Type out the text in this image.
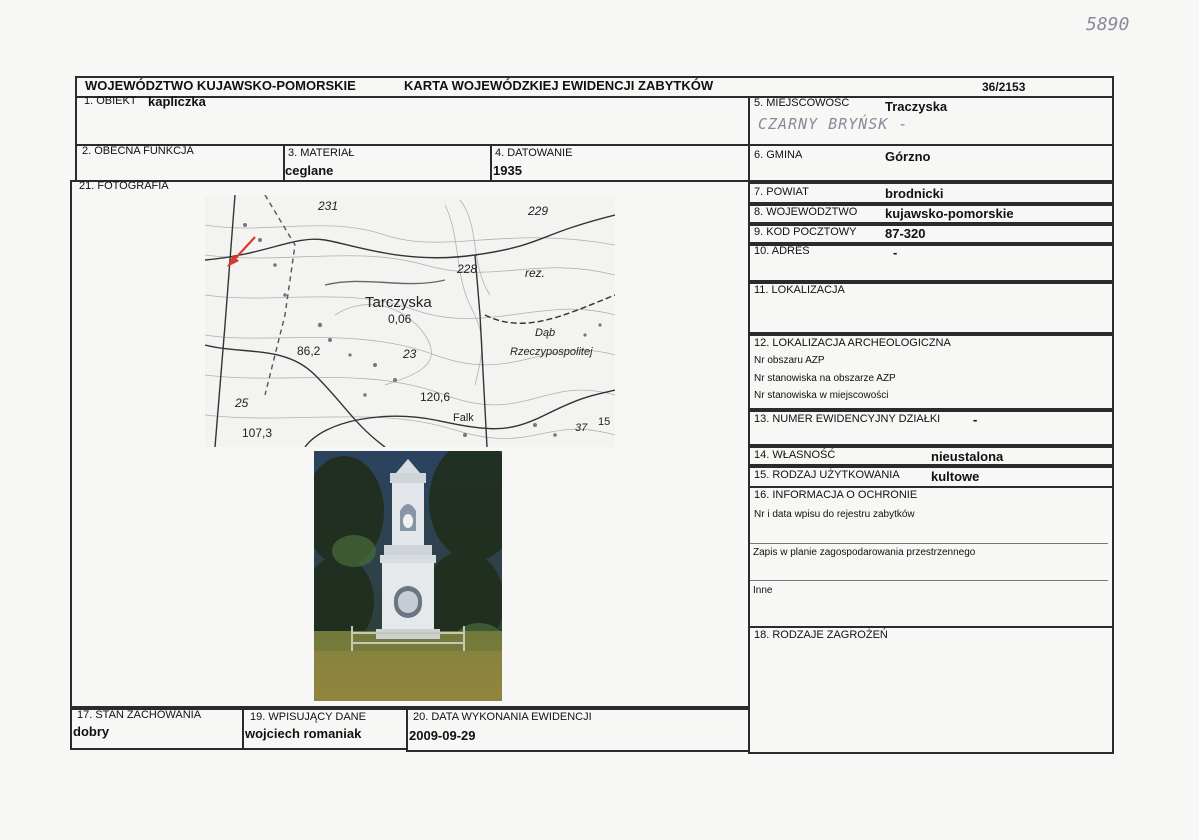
5890
WOJEWÓDZTWO KUJAWSKO-POMORSKIE	KARTA WOJEWÓDZKIEJ EWIDENCJI ZABYTKÓW	36/2153
1. OBIEKT kapliczka	5. MIEJSCOWOŚĆ	Traczyska
CZARNY BRYŃSK -
2. OBECNA FUNKCJA	3. MATERIAŁ
ceglane
4. DATOWANIE
1935
6. GMINA	Górzno
21. FOTOGRAFIA
231	229
228	rez.
Tarczyska
0,06
86,2	23
Dąb
Rzeczypospolitej
25	120,6
107,3
Falk
37 15
7. POWIAT	brodnicki
8. WOJEWÓDZTWO kujawsko-pomorskie
9. KOD POCZTOWY 87-320
10. ADRES	-
11. LOKALIZACJA
12. LOKALIZACJA ARCHEOLOGICZNA
Nr obszaru AZP
Nr stanowiska na obszarze AZP
Nr stanowiska w miejscowości
13. NUMER EWIDENCYJNY DZIAŁKI	-
14. WŁASNOŚĆ	nieustalona
15. RODZAJ UŻYTKOWANIA kultowe
16. INFORMACJA O OCHRONIE
Nr i data wpisu do rejestru zabytków
Zapis w planie zagospodarowania przestrzennego
Inne
18. RODZAJE ZAGROŻEŃ
17. STAN ZACHOWANIA
dobry
19. WPISUJĄCY DANE
wojciech romaniak
20. DATA WYKONANIA EWIDENCJI
2009-09-29
